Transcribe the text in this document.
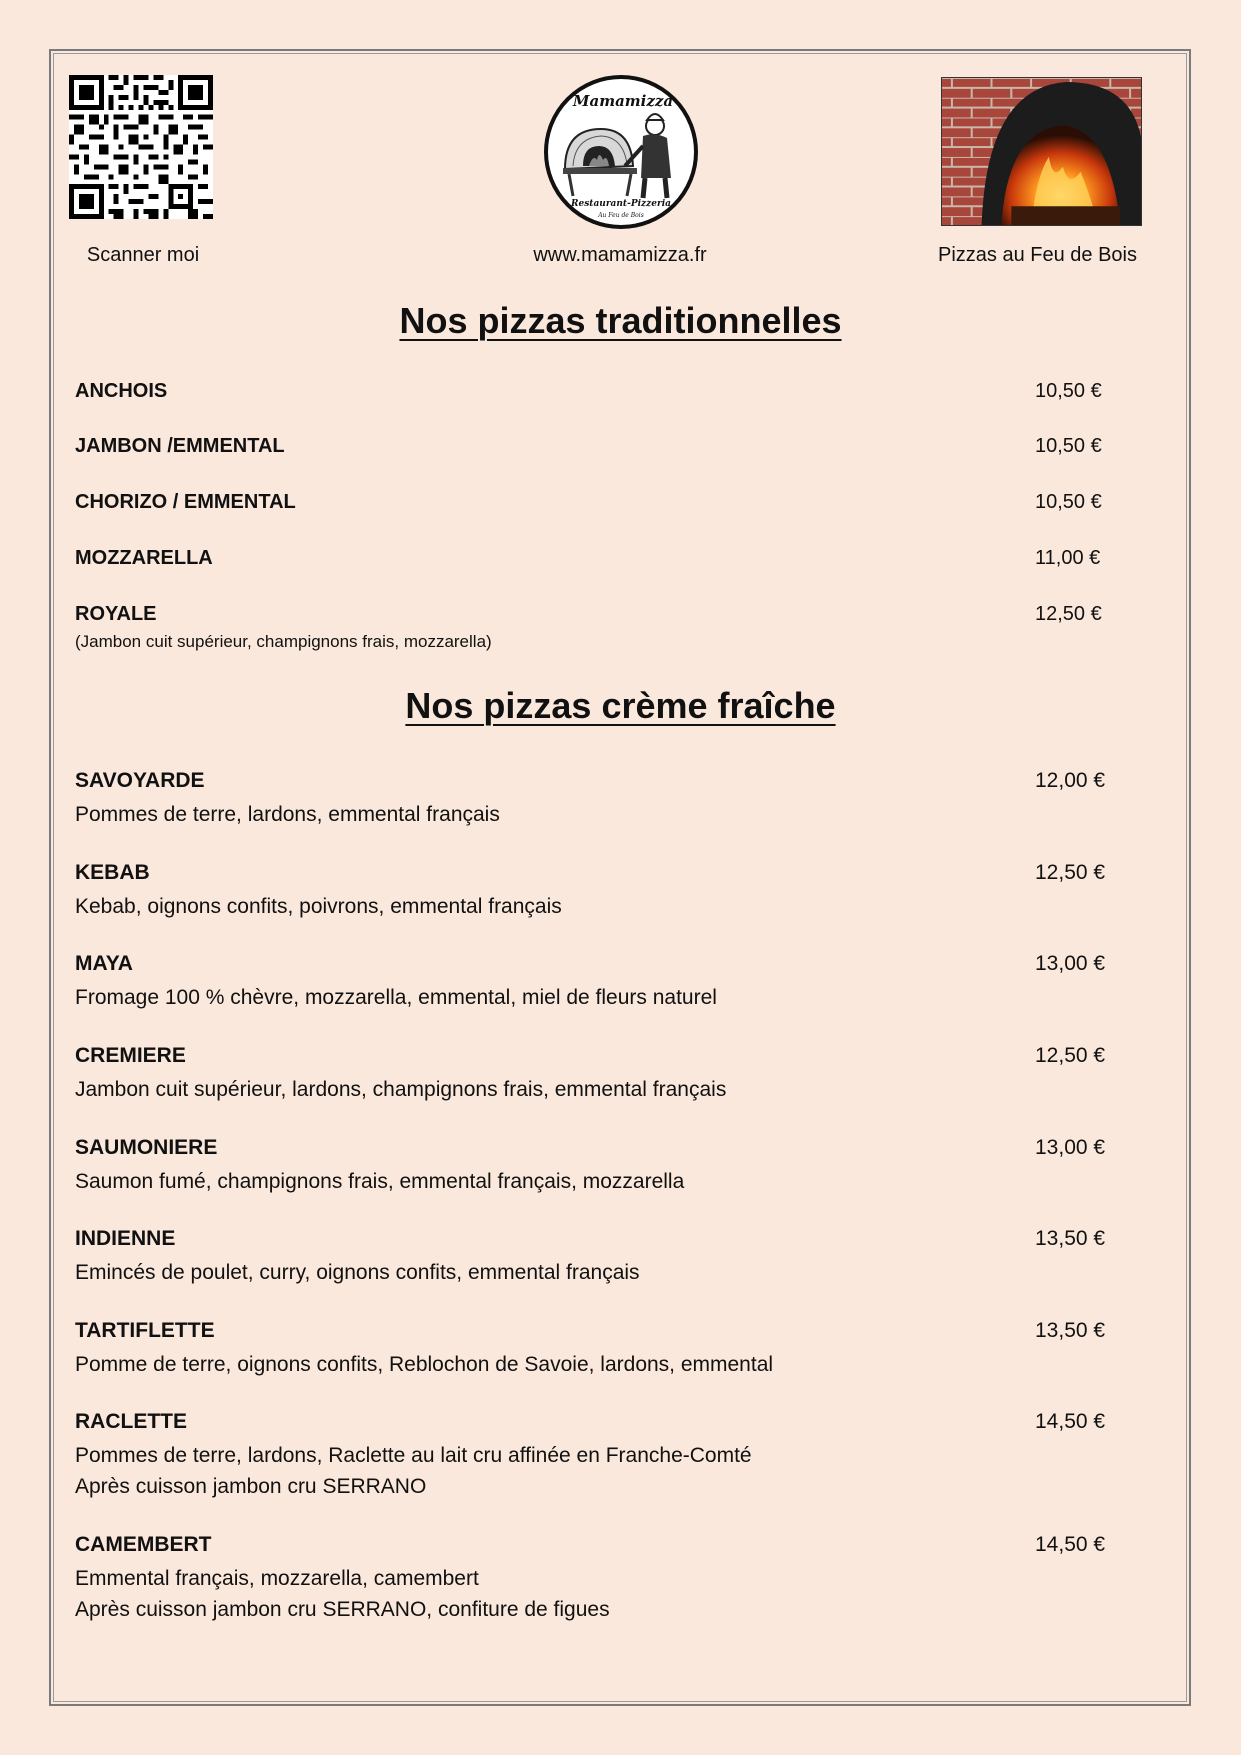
Scanner moi
Mamamizza
Restaurant-Pizzeria
Au Feu de Bois
www.mamamizza.fr	Pizzas au Feu de Bois
Nos pizzas traditionnelles
ANCHOIS	10,50 €
JAMBON /EMMENTAL	10,50 €
CHORIZO / EMMENTAL	10,50 €
MOZZARELLA	11,00 €
ROYALE	12,50 €
(Jambon cuit supérieur, champignons frais, mozzarella)
Nos pizzas crème fraîche
SAVOYARDE	12,00 €
Pommes de terre, lardons, emmental français
KEBAB	12,50 €
Kebab, oignons confits, poivrons, emmental français
MAYA	13,00 €
Fromage 100 % chèvre, mozzarella, emmental, miel de fleurs naturel
CREMIERE	12,50 €
Jambon cuit supérieur, lardons, champignons frais, emmental français
SAUMONIERE	13,00 €
Saumon fumé, champignons frais, emmental français, mozzarella
INDIENNE	13,50 €
Emincés de poulet, curry, oignons confits, emmental français
TARTIFLETTE	13,50 €
Pomme de terre, oignons confits, Reblochon de Savoie, lardons, emmental
RACLETTE	14,50 €
Pommes de terre, lardons, Raclette au lait cru affinée en Franche-Comté
Après cuisson jambon cru SERRANO
CAMEMBERT	14,50 €
Emmental français, mozzarella, camembert
Après cuisson jambon cru SERRANO, confiture de figues
